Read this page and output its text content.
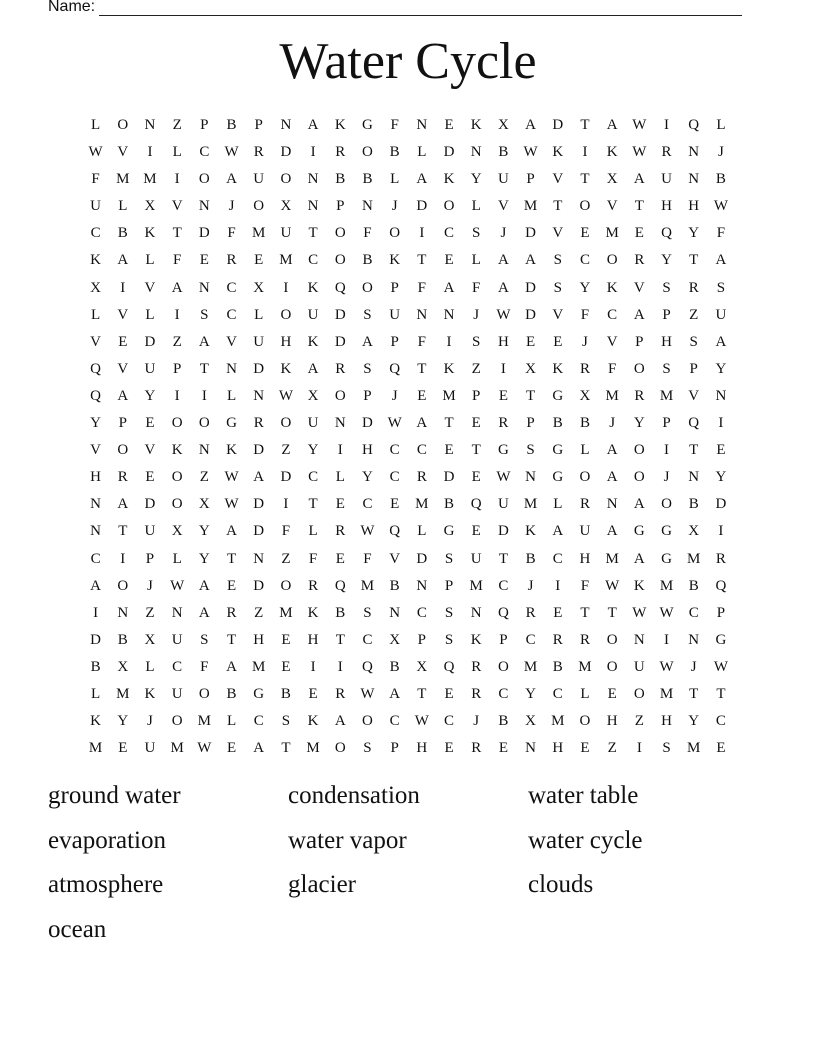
Name:
Water Cycle
L	O	N	Z	P	B	P	N	A	K	G	F	N	E	K	X	A	D	T	A W	I	Q	L
W V	I	L	C	W	R	D	I	R	O	B	L	D	N	B	W K	I	K W	R	N	J
F	M M	I	O	A	U	O	N	B	B	L	A	K	Y	U	P	V	T	X	A	U	N	B
U	L	X	V	N	J	O	X	N	P	N	J	D	O	L	V	M	T	O	V	T	H	H W
C	B	K	T	D	F	M	U	T	O	F	O	I	C	S	J	D	V	E	M	E	Q	Y	F
K	A	L	F	E	R	E	M	C	O	B	K	T	E	L	A	A	S	C	O	R	Y	T	A
X	I	V	A	N	C	X	I	K	Q	O	P	F	A	F	A	D	S	Y	K	V	S	R	S
L	V	L	I	S	C	L	O	U	D	S	U	N	N	J	W D	V	F	C	A	P	Z	U
V	E	D	Z	A	V	U	H	K	D	A	P	F	I	S	H	E	E	J	V	P	H	S	A
Q	V	U	P	T	N	D	K	A	R	S	Q	T	K	Z	I	X	K	R	F	O	S	P	Y
Q	A	Y	I	I	L	N W X	O	P	J	E	M	P	E	T	G	X	M	R	M	V	N
Y	P	E	O	O	G	R	O	U	N	D W A	T	E	R	P	B	B	J	Y	P	Q	I
V	O	V	K	N	K	D	Z	Y	I	H	C	C	E	T	G	S	G	L	A	O	I	T	E
H	R	E	O	Z	W A	D	C	L	Y	C	R	D	E	W N	G	O	A	O	J	N	Y
N	A	D	O	X W D	I	T	E	C	E	M	B	Q	U	M	L	R	N	A	O	B	D
N	T	U	X	Y	A	D	F	L	R	W Q	L	G	E	D	K	A	U	A	G	G	X	I
C	I	P	L	Y	T	N	Z	F	E	F	V	D	S	U	T	B	C	H	M	A	G	M	R
A	O	J	W A	E	D	O	R	Q	M	B	N	P	M	C	J	I	F	W K	M	B	Q
I	N	Z	N	A	R	Z	M	K	B	S	N	C	S	N	Q	R	E	T	T	W W	C	P
D	B	X	U	S	T	H	E	H	T	C	X	P	S	K	P	C	R	R	O	N	I	N	G
B	X	L	C	F	A	M	E	I	I	Q	B	X	Q	R	O	M	B	M	O	U W	J	W
L	M	K	U	O	B	G	B	E	R	W A	T	E	R	C	Y	C	L	E	O	M	T	T
K	Y	J	O	M	L	C	S	K	A	O	C	W	C	J	B	X	M	O	H	Z	H	Y	C
M	E	U	M W	E	A	T	M	O	S	P	H	E	R	E	N	H	E	Z	I	S	M	E
ground water	condensation	water table
evaporation	water vapor	water cycle
atmosphere	glacier	clouds
ocean
